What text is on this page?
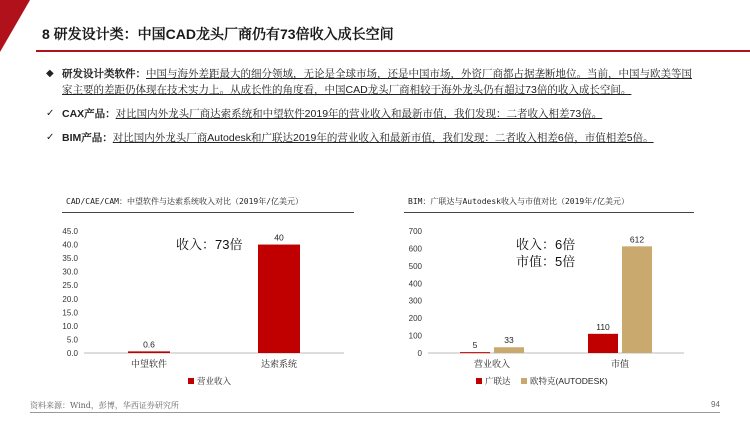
8 研发设计类：中国CAD龙头厂商仍有73倍收入成长空间
◆ 研发设计类软件：中国与海外差距最大的细分领域，无论是全球市场，还是中国市场，外资厂商都占据垄断地位。当前，中国与欧美等国家主要的差距仍体现在技术实力上。从成长性的角度看，中国CAD龙头厂商相较于海外龙头仍有超过73倍的收入成长空间。
✓ CAX产品：对比国内外龙头厂商达索系统和中望软件2019年的营业收入和最新市值，我们发现：二者收入相差73倍。
✓ BIM产品：对比国内外龙头厂商Autodesk和广联达2019年的营业收入和最新市值，我们发现：二者收入相差6倍，市值相差5倍。
CAD/CAE/CAM：中望软件与达索系统收入对比（2019年/亿美元）
0.0
5.0
10.0
15.0
20.0
25.0
30.0
35.0
40.0
45.0
中望软件
0.6
达索系统
40
营业收入
收入：73倍
BIM：广联达与Autodesk收入与市值对比（2019年/亿美元）
0
100
200
300
400
500
600
700
营业收入
5	33
市值
110
612
广联达 欧特克(AUTODESK)
收入：6倍
市值：5倍
资料来源：Wind，彭博，华西证券研究所	94
